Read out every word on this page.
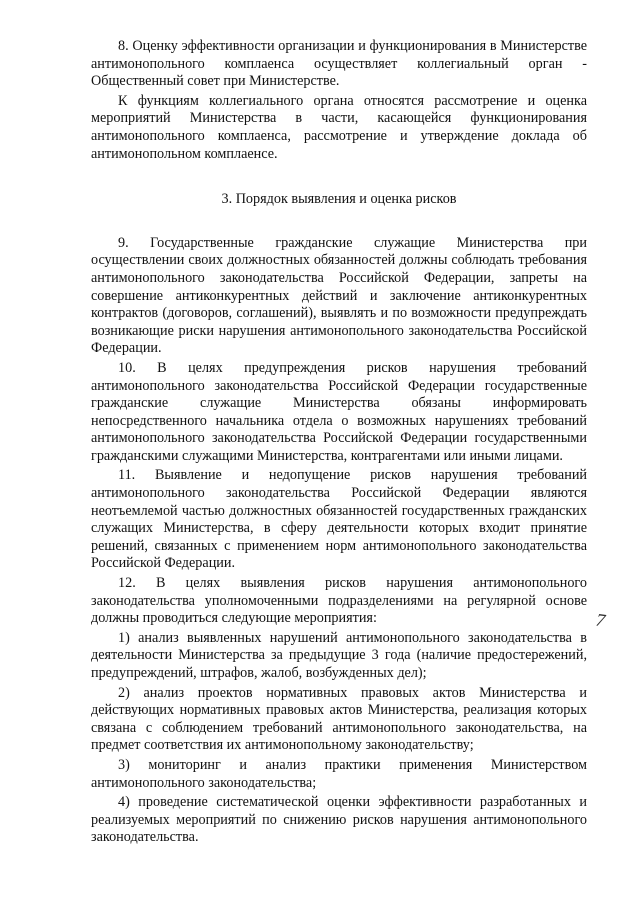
8. Оценку эффективности организации и функционирования в Министерстве антимонопольного комплаенса осуществляет коллегиальный орган - Общественный совет при Министерстве.

К функциям коллегиального органа относятся рассмотрение и оценка мероприятий Министерства в части, касающейся функционирования антимонопольного комплаенса, рассмотрение и утверждение доклада об антимонопольном комплаенсе.

3. Порядок выявления и оценка рисков

9. Государственные гражданские служащие Министерства при осуществлении своих должностных обязанностей должны соблюдать требования антимонопольного законодательства Российской Федерации, запреты на совершение антиконкурентных действий и заключение антиконкурентных контрактов (договоров, соглашений), выявлять и по возможности предупреждать возникающие риски нарушения антимонопольного законодательства Российской Федерации.

10. В целях предупреждения рисков нарушения требований антимонопольного законодательства Российской Федерации государственные гражданские служащие Министерства обязаны информировать непосредственного начальника отдела о возможных нарушениях требований антимонопольного законодательства Российской Федерации государственными гражданскими служащими Министерства, контрагентами или иными лицами.

11. Выявление и недопущение рисков нарушения требований антимонопольного законодательства Российской Федерации являются неотъемлемой частью должностных обязанностей государственных гражданских служащих Министерства, в сферу деятельности которых входит принятие решений, связанных с применением норм антимонопольного законодательства Российской Федерации.

12. В целях выявления рисков нарушения антимонопольного законодательства уполномоченными подразделениями на регулярной основе должны проводиться следующие мероприятия:

1) анализ выявленных нарушений антимонопольного законодательства в деятельности Министерства за предыдущие 3 года (наличие предостережений, предупреждений, штрафов, жалоб, возбужденных дел);

2) анализ проектов нормативных правовых актов Министерства и действующих нормативных правовых актов Министерства, реализация которых связана с соблюдением требований антимонопольного законодательства, на предмет соответствия их антимонопольному законодательству;

3) мониторинг и анализ практики применения Министерством антимонопольного законодательства;

4) проведение систематической оценки эффективности разработанных и реализуемых мероприятий по снижению рисков нарушения антимонопольного законодательства.

7
